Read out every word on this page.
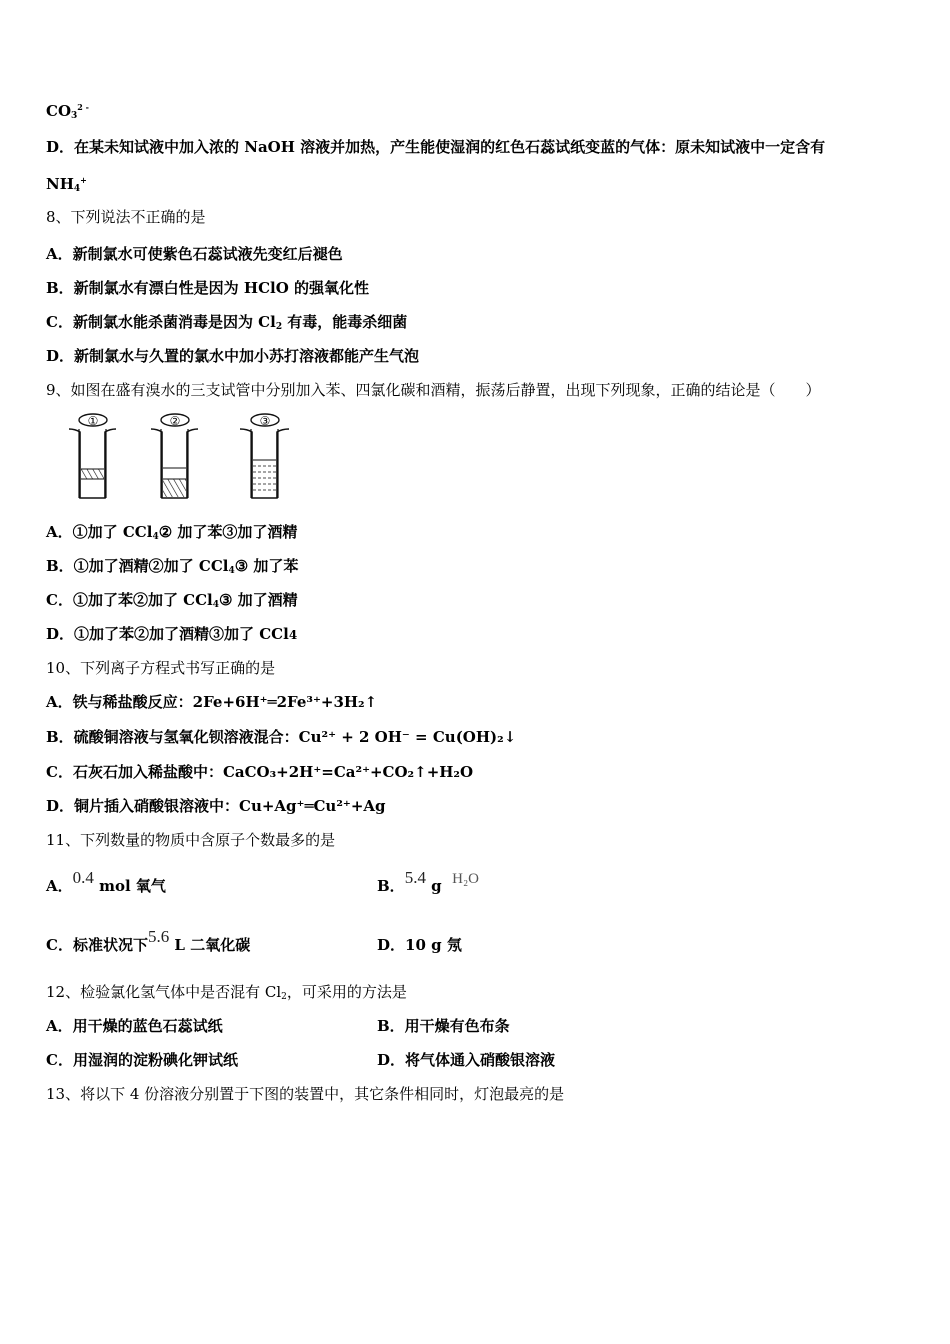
$CO_3^{2 -}$
D．在某未知试液中加入浓的 NaOH 溶液并加热，产生能使湿润的红色石蕊试纸变蓝的气体：原未知试液中一定含有
$NH_4^+$
8、下列说法不正确的是
A．新制氯水可使紫色石蕊试液先变红后褪色
B．新制氯水有漂白性是因为 HClO 的强氧化性
C．新制氯水能杀菌消毒是因为 $Cl_2$ 有毒，能毒杀细菌
D．新制氯水与久置的氯水中加小苏打溶液都能产生气泡
9、如图在盛有溴水的三支试管中分别加入苯、四氯化碳和酒精，振荡后静置，出现下列现象，正确的结论是（　　）
①	②	③
A．①加了 CCl$_4$② 加了苯③加了酒精
B．①加了酒精②加了 CCl$_4$③ 加了苯
C．①加了苯②加了 CCl$_4$③ 加了酒精
D．①加了苯②加了酒精③加了 CCl4
10、下列离子方程式书写正确的是
A．铁与稀盐酸反应：2Fe+6H⁺═2Fe³⁺+3H₂↑
B．硫酸铜溶液与氢氧化钡溶液混合：Cu²⁺ + 2 OH⁻ = Cu(OH)₂↓
C．石灰石加入稀盐酸中：CaCO₃+2H⁺=Ca²⁺+CO₂↑+H₂O
D．铜片插入硝酸银溶液中：Cu+Ag⁺═Cu²⁺+Ag
11、下列数量的物质中含原子个数最多的是
A．0.4 mol 氧气	B．5.4 g H₂O
C．标准状况下5.6 L 二氧化碳	D．10 g 氖
12、检验氯化氢气体中是否混有 $Cl_2$，可采用的方法是
A．用干燥的蓝色石蕊试纸	B．用干燥有色布条
C．用湿润的淀粉碘化钾试纸	D．将气体通入硝酸银溶液
13、将以下 4 份溶液分别置于下图的装置中，其它条件相同时，灯泡最亮的是
